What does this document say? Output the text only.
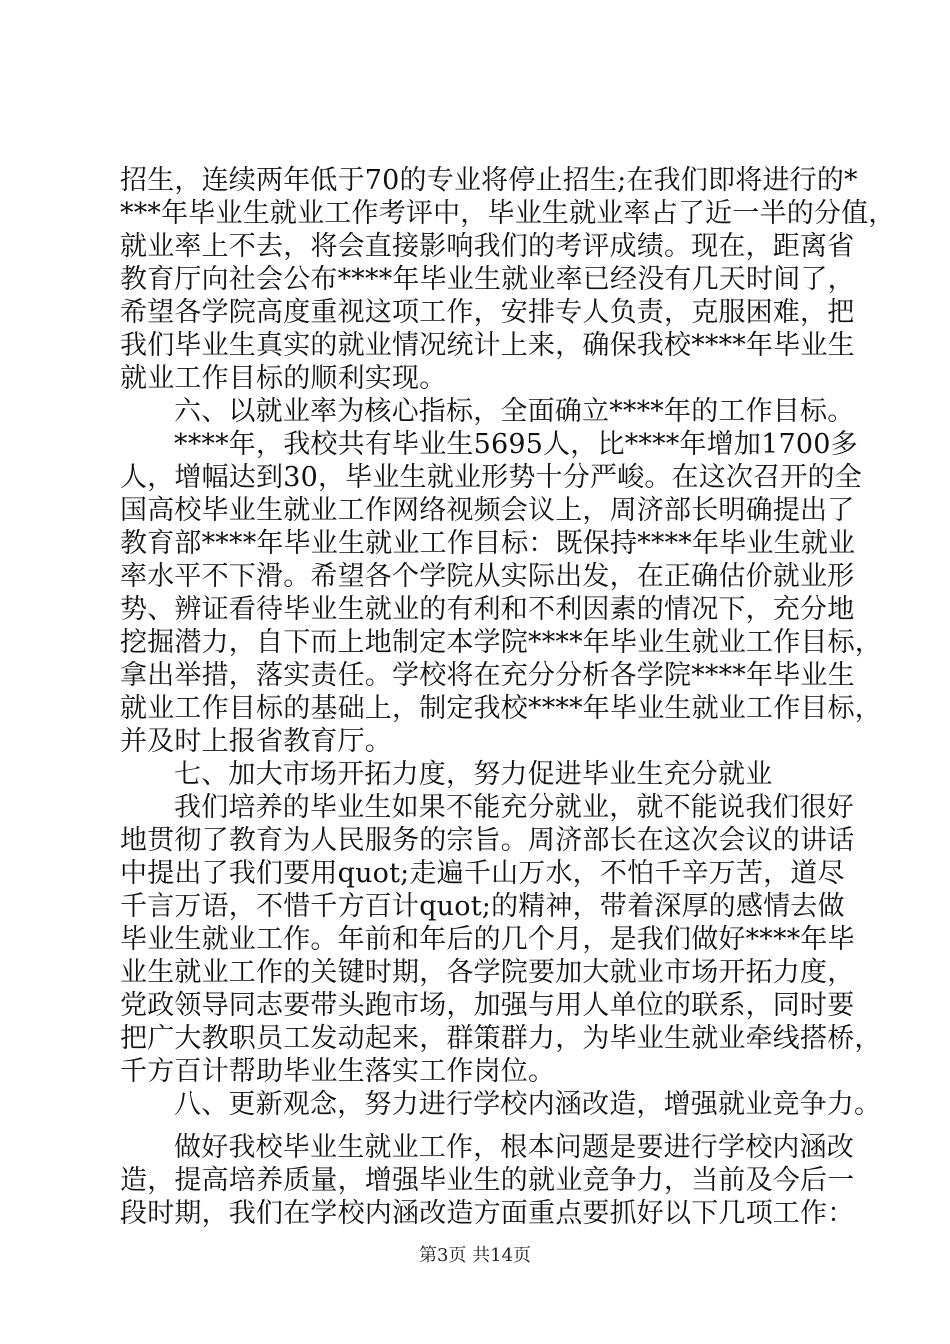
招生，连续两年低于70的专业将停止招生;在我们即将进行的*
***年毕业生就业工作考评中，毕业生就业率占了近一半的分值，
就业率上不去，将会直接影响我们的考评成绩。现在，距离省
教育厅向社会公布****年毕业生就业率已经没有几天时间了，
希望各学院高度重视这项工作，安排专人负责，克服困难，把
我们毕业生真实的就业情况统计上来，确保我校****年毕业生
就业工作目标的顺利实现。
六、以就业率为核心指标，全面确立****年的工作目标。
****年，我校共有毕业生5695人，比****年增加1700多
人，增幅达到30，毕业生就业形势十分严峻。在这次召开的全
国高校毕业生就业工作网络视频会议上，周济部长明确提出了
教育部****年毕业生就业工作目标：既保持****年毕业生就业
率水平不下滑。希望各个学院从实际出发，在正确估价就业形
势、辨证看待毕业生就业的有利和不利因素的情况下，充分地
挖掘潜力，自下而上地制定本学院****年毕业生就业工作目标，
拿出举措，落实责任。学校将在充分分析各学院****年毕业生
就业工作目标的基础上，制定我校****年毕业生就业工作目标，
并及时上报省教育厅。
七、加大市场开拓力度，努力促进毕业生充分就业
我们培养的毕业生如果不能充分就业，就不能说我们很好
地贯彻了教育为人民服务的宗旨。周济部长在这次会议的讲话
中提出了我们要用quot;走遍千山万水，不怕千辛万苦，道尽
千言万语，不惜千方百计quot;的精神，带着深厚的感情去做
毕业生就业工作。年前和年后的几个月，是我们做好****年毕
业生就业工作的关键时期，各学院要加大就业市场开拓力度，
党政领导同志要带头跑市场，加强与用人单位的联系，同时要
把广大教职员工发动起来，群策群力，为毕业生就业牵线搭桥，
千方百计帮助毕业生落实工作岗位。
八、更新观念，努力进行学校内涵改造，增强就业竞争力。
做好我校毕业生就业工作，根本问题是要进行学校内涵改
造，提高培养质量，增强毕业生的就业竞争力，当前及今后一
段时期，我们在学校内涵改造方面重点要抓好以下几项工作：
第3页 共14页
